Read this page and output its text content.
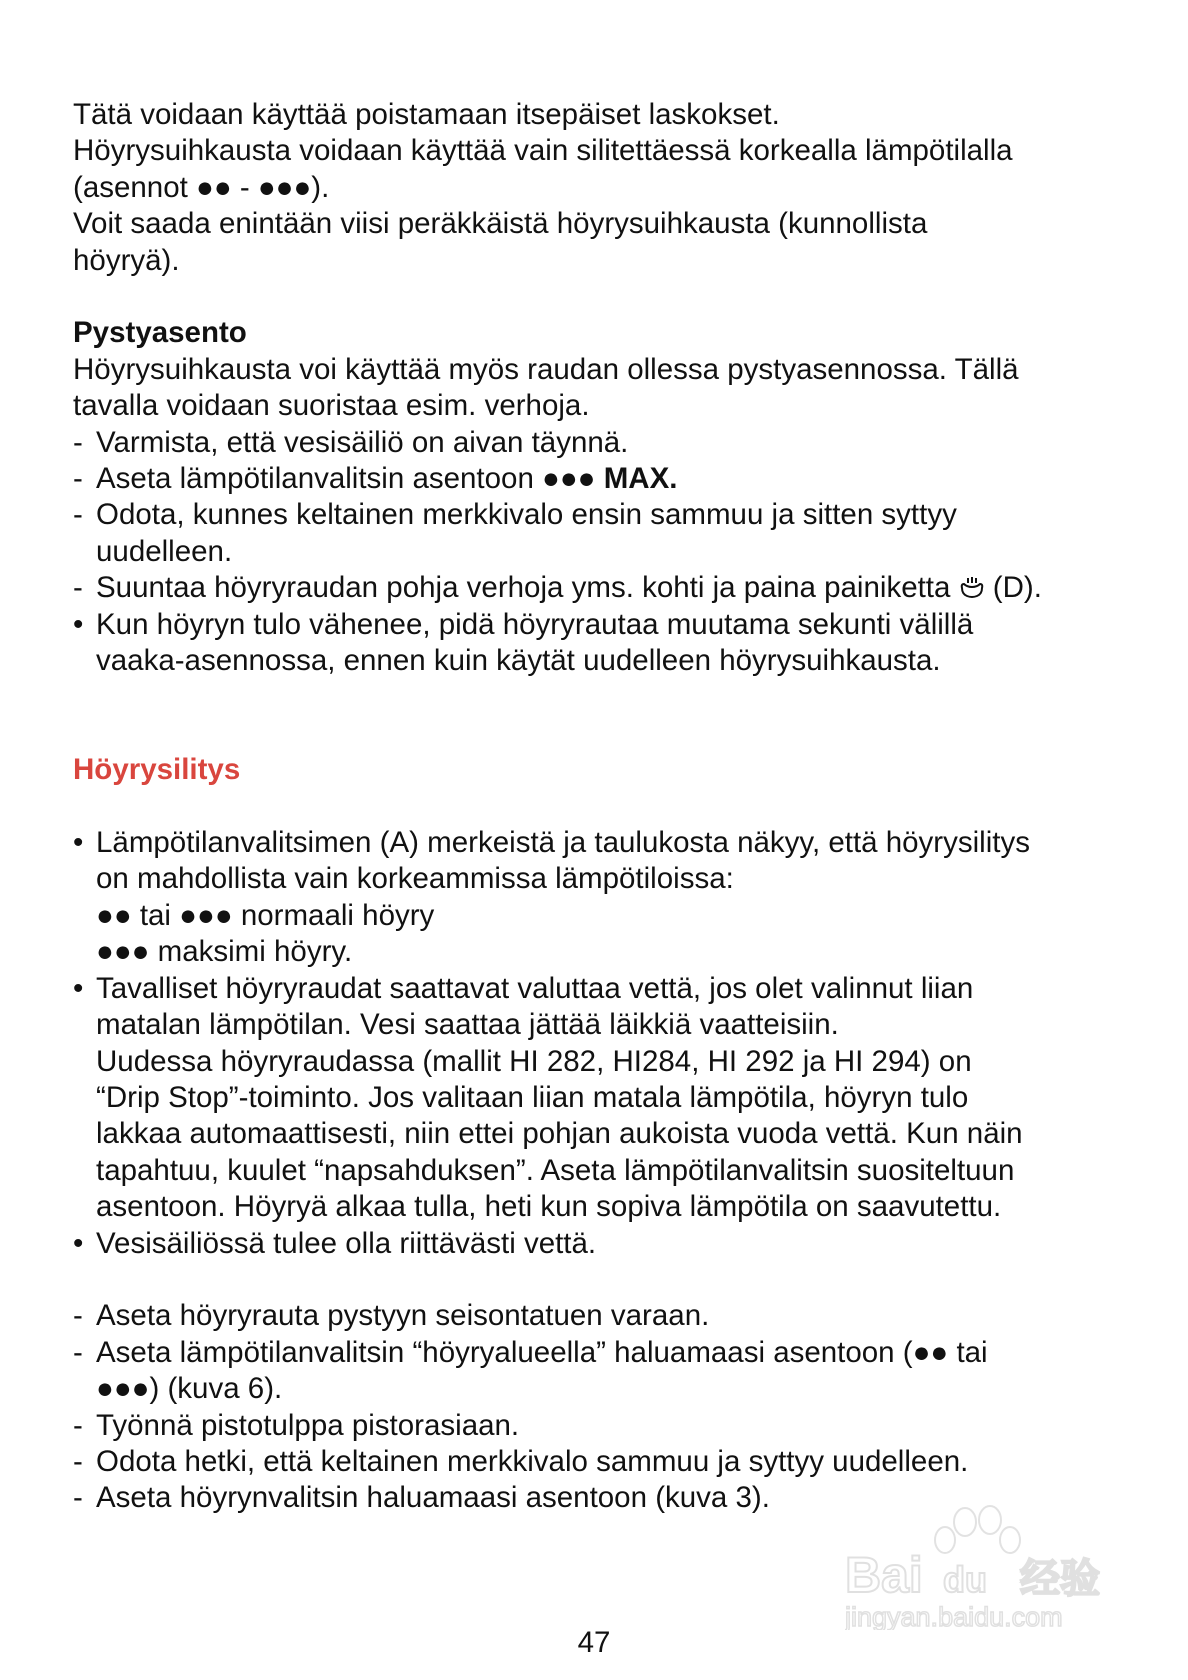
Tätä voidaan käyttää poistamaan itsepäiset laskokset.
Höyrysuihkausta voidaan käyttää vain silitettäessä korkealla lämpötilalla
(asennot ●● - ●●●).
Voit saada enintään viisi peräkkäistä höyrysuihkausta (kunnollista
höyryä).

Pystyasento

Höyrysuihkausta voi käyttää myös raudan ollessa pystyasennossa. Tällä
tavalla voidaan suoristaa esim. verhoja.

- Varmista, että vesisäiliö on aivan täynnä.
- Aseta lämpötilanvalitsin asentoon ●●● MAX.
- Odota, kunnes keltainen merkkivalo ensin sammuu ja sitten syttyy
uudelleen.
- Suuntaa höyryraudan pohja verhoja yms. kohti ja paina painiketta  (D).
• Kun höyryn tulo vähenee, pidä höyryrautaa muutama sekunti välillä
vaaka-asennossa, ennen kuin käytät uudelleen höyrysuihkausta.

Höyrysilitys

• Lämpötilanvalitsimen (A) merkeistä ja taulukosta näkyy, että höyrysilitys
on mahdollista vain korkeammissa lämpötiloissa:
●● tai ●●● normaali höyry
●●● maksimi höyry.
• Tavalliset höyryraudat saattavat valuttaa vettä, jos olet valinnut liian
matalan lämpötilan. Vesi saattaa jättää läikkiä vaatteisiin.
Uudessa höyryraudassa (mallit HI 282, HI284, HI 292 ja HI 294) on
“Drip Stop”-toiminto. Jos valitaan liian matala lämpötila, höyryn tulo
lakkaa automaattisesti, niin ettei pohjan aukoista vuoda vettä. Kun näin
tapahtuu, kuulet “napsahduksen”. Aseta lämpötilanvalitsin suositeltuun
asentoon. Höyryä alkaa tulla, heti kun sopiva lämpötila on saavutettu.
• Vesisäiliössä tulee olla riittävästi vettä.
- Aseta höyryrauta pystyyn seisontatuen varaan.
- Aseta lämpötilanvalitsin “höyryalueella” haluamaasi asentoon (●● tai
●●●) (kuva 6).
- Työnnä pistotulppa pistorasiaan.
- Odota hetki, että keltainen merkkivalo sammuu ja syttyy uudelleen.
- Aseta höyrynvalitsin haluamaasi asentoon (kuva 3).
Bai du 经验
jingyan.baidu.com
47
